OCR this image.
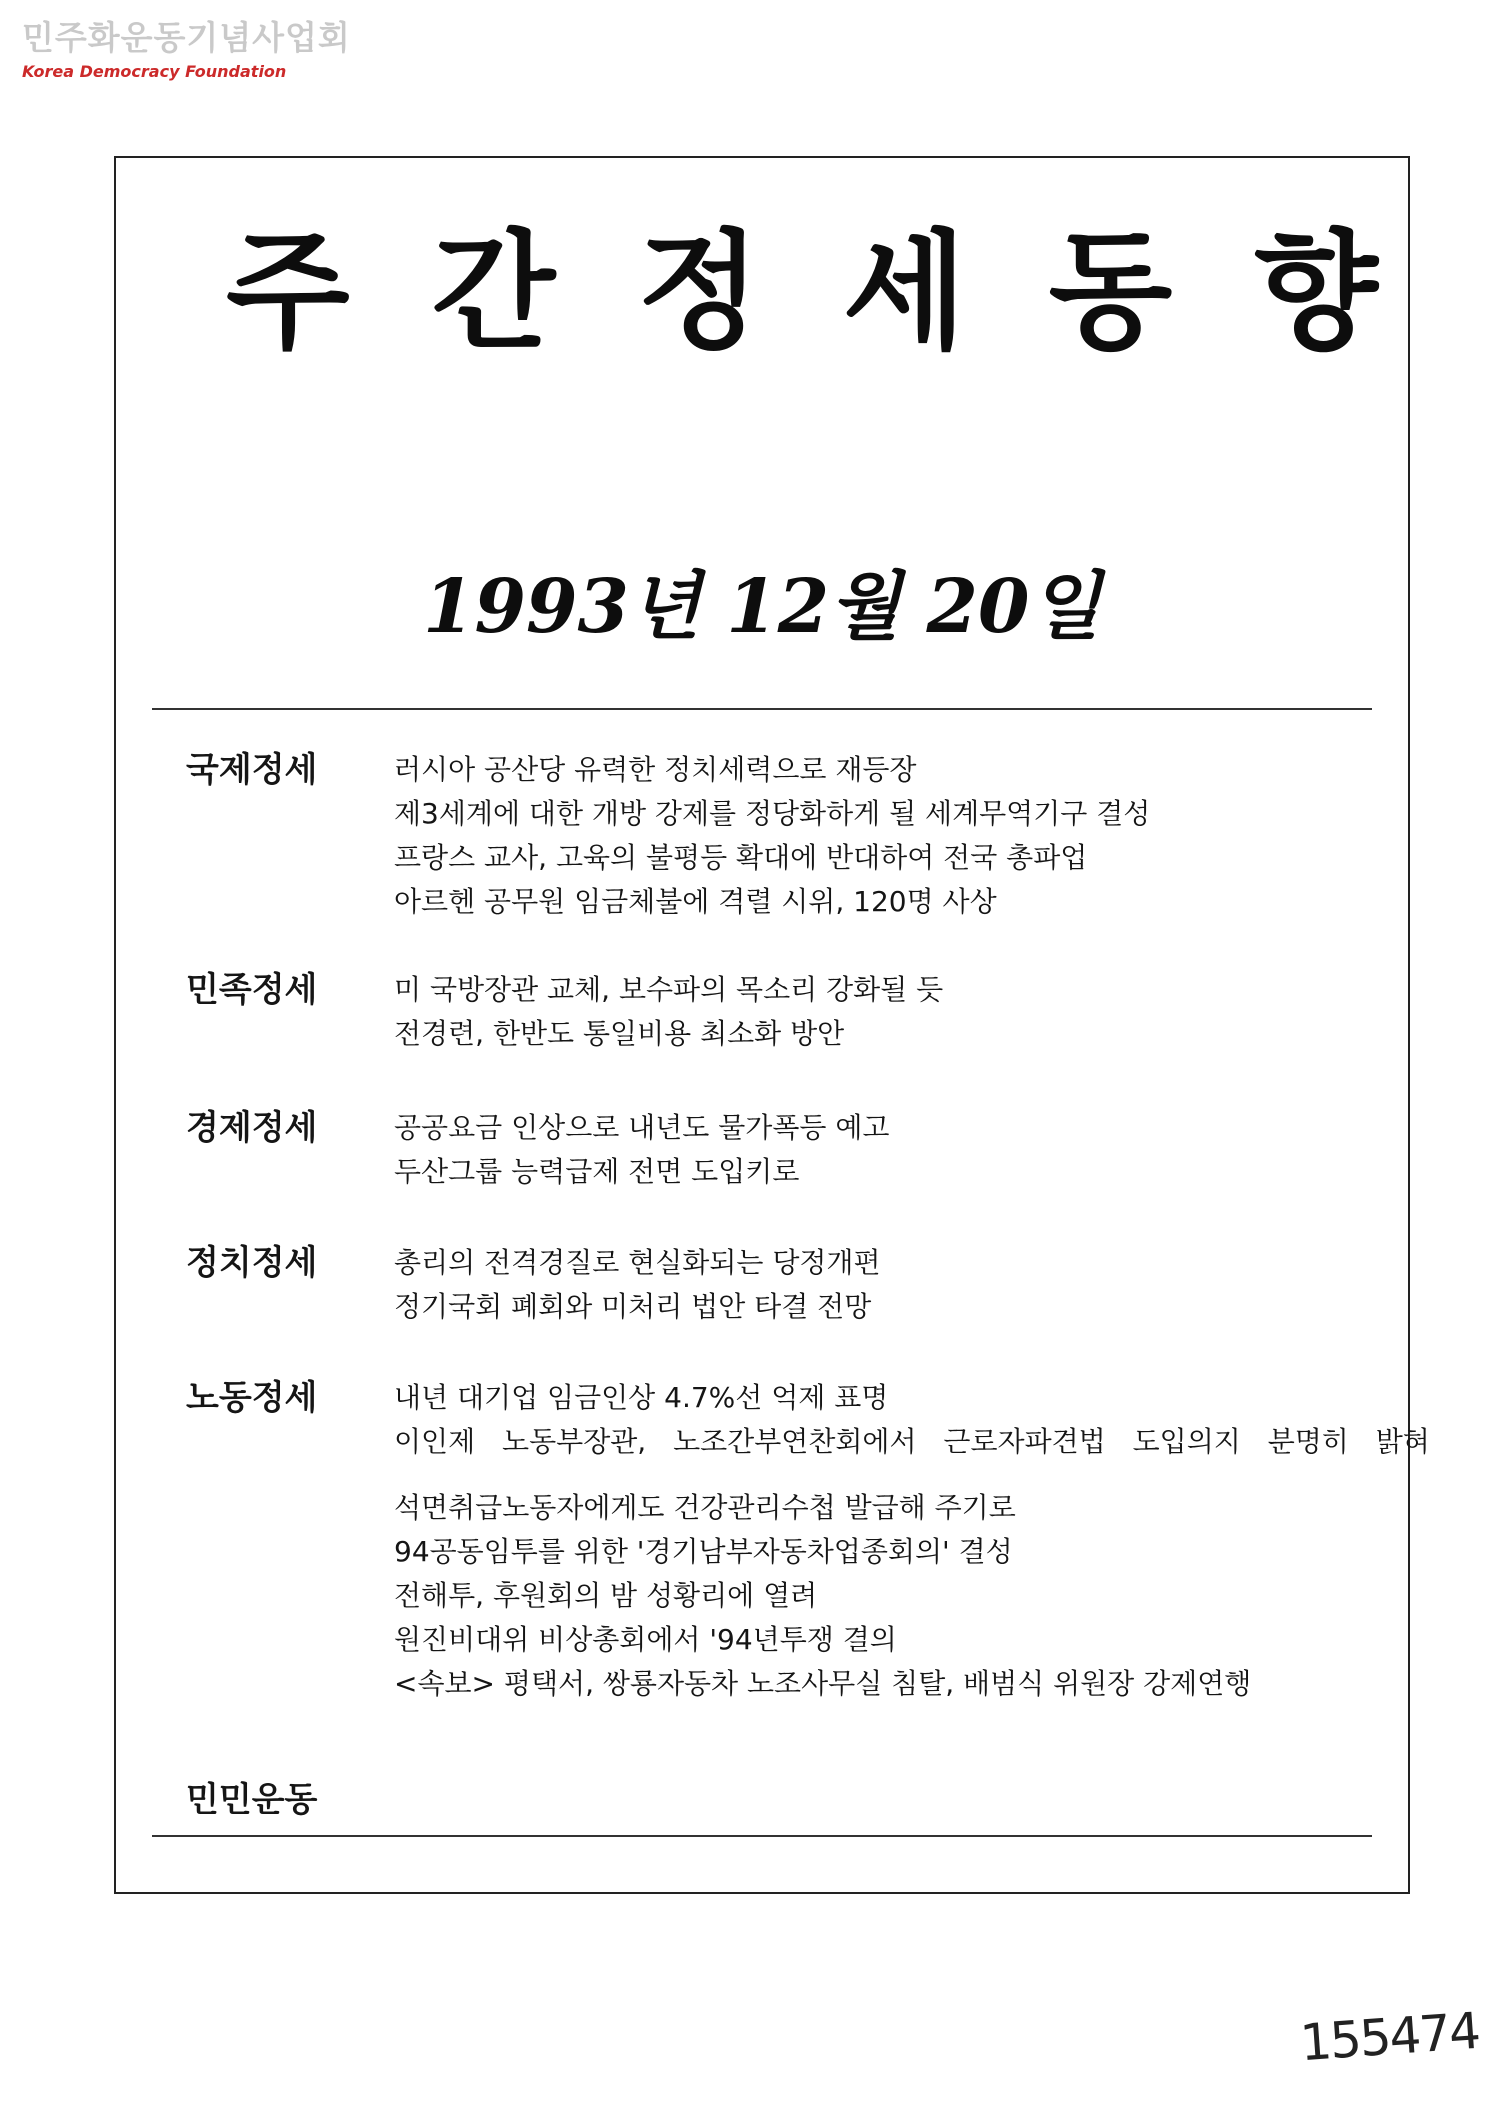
민주화운동기념사업회
Korea Democracy Foundation
주간정세동향
1993년 12월 20일
국제정세	러시아 공산당 유력한 정치세력으로 재등장
제3세계에 대한 개방 강제를 정당화하게 될 세계무역기구 결성
프랑스 교사, 고육의 불평등 확대에 반대하여 전국 총파업
아르헨 공무원 임금체불에 격렬 시위, 120명 사상
민족정세	미 국방장관 교체, 보수파의 목소리 강화될 듯
전경련, 한반도 통일비용 최소화 방안
경제정세	공공요금 인상으로 내년도 물가폭등 예고
두산그룹 능력급제 전면 도입키로
정치정세	총리의 전격경질로 현실화되는 당정개편
정기국회 폐회와 미처리 법안 타결 전망
노동정세	내년 대기업 임금인상 4.7%선 억제 표명
이인제 노동부장관, 노조간부연찬회에서 근로자파견법 도입의지 분명히 밝혀
석면취급노동자에게도 건강관리수첩 발급해 주기로
94공동임투를 위한 '경기남부자동차업종회의' 결성
전해투, 후원회의 밤 성황리에 열려
원진비대위 비상총회에서 '94년투쟁 결의
<속보> 평택서, 쌍룡자동차 노조사무실 침탈, 배범식 위원장 강제연행
민민운동
155474
